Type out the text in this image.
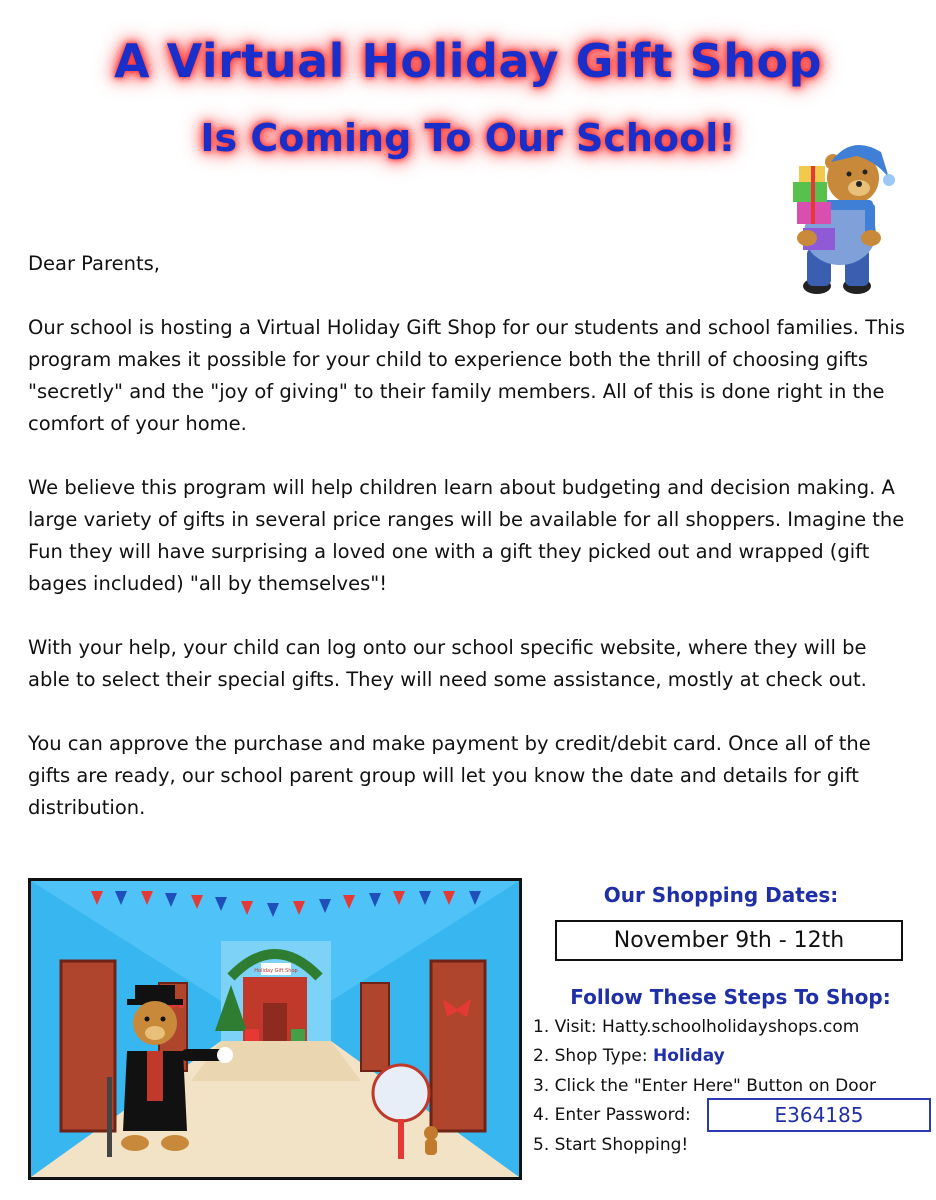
A Virtual Holiday Gift Shop
Is Coming To Our School!

Dear Parents,

Our school is hosting a Virtual Holiday Gift Shop for our students and school families. This program makes it possible for your child to experience both the thrill of choosing gifts "secretly" and the "joy of giving" to their family members. All of this is done right in the comfort of your home.

We believe this program will help children learn about budgeting and decision making. A large variety of gifts in several price ranges will be available for all shoppers. Imagine the Fun they will have surprising a loved one with a gift they picked out and wrapped (gift bages included) "all by themselves"!

With your help, your child can log onto our school specific website, where they will be able to select their special gifts. They will need some assistance, mostly at check out.

You can approve the purchase and make payment by credit/debit card. Once all of the gifts are ready, our school parent group will let you know the date and details for gift distribution.

Holiday Gift Shop
Our Shopping Dates:
November 9th - 12th
Follow These Steps To Shop:
1. Visit: Hatty.schoolholidayshops.com
2. Shop Type: Holiday
3. Click the "Enter Here" Button on Door
4. Enter Password:	E364185
5. Start Shopping!
